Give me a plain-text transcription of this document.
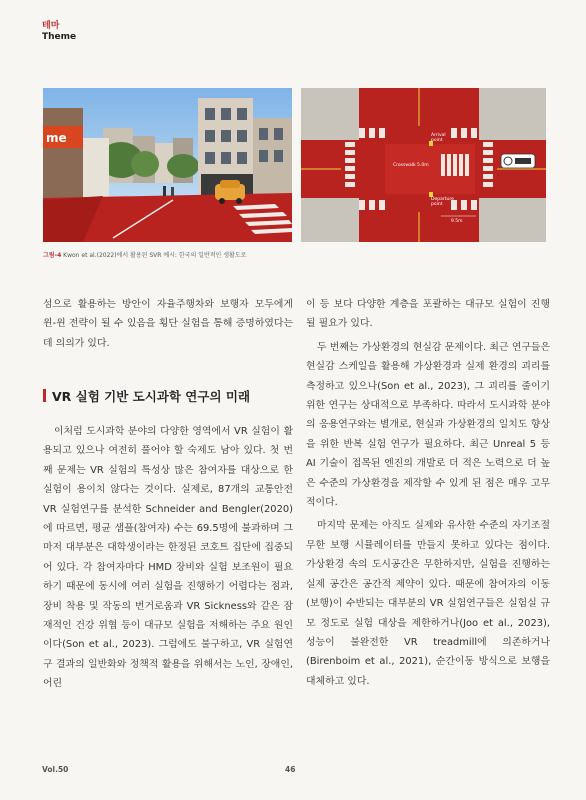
테마
Theme
me	Arrival point
Departure point
Crosswalk 5.0m
9.5m
그림-4 Kwon et al.(2022)에서 활용된 SVR 예시: 한국의 일반적인 생활도로

섬으로 활용하는 방안이 자율주행차와 보행자 모두에게 윈-윈 전략이 될 수 있음을 횡단 실험을 통해 증명하였다는 데 의의가 있다.

VR 실험 기반 도시과학 연구의 미래

이처럼 도시과학 분야의 다양한 영역에서 VR 실험이 활용되고 있으나 여전히 풀어야 할 숙제도 남아 있다. 첫 번째 문제는 VR 실험의 특성상 많은 참여자를 대상으로 한 실험이 용이치 않다는 것이다. 실제로, 87개의 교통안전 VR 실험연구를 분석한 Schneider and Bengler(2020)에 따르면, 평균 샘플(참여자) 수는 69.5명에 불과하며 그마저 대부분은 대학생이라는 한정된 코호트 집단에 집중되어 있다. 각 참여자마다 HMD 장비와 실험 보조원이 필요하기 때문에 동시에 여러 실험을 진행하기 어렵다는 점과, 장비 착용 및 작동의 번거로움과 VR Sickness와 같은 잠재적인 건강 위협 등이 대규모 실험을 저해하는 주요 원인이다(Son et al., 2023). 그럼에도 불구하고, VR 실험연구 결과의 일반화와 정책적 활용을 위해서는 노인, 장애인, 어린

이 등 보다 다양한 계층을 포괄하는 대규모 실험이 진행될 필요가 있다.

두 번째는 가상환경의 현실감 문제이다. 최근 연구들은 현실감 스케일을 활용해 가상환경과 실제 환경의 괴리를 측정하고 있으나(Son et al., 2023), 그 괴리를 줄이기 위한 연구는 상대적으로 부족하다. 따라서 도시과학 분야의 응용연구와는 별개로, 현실과 가상환경의 일치도 향상을 위한 반복 실험 연구가 필요하다. 최근 Unreal 5 등 AI 기술이 접목된 엔진의 개발로 더 적은 노력으로 더 높은 수준의 가상환경을 제작할 수 있게 된 점은 매우 고무적이다.

마지막 문제는 아직도 실제와 유사한 수준의 자기조절 무한 보행 시뮬레이터를 만들지 못하고 있다는 점이다. 가상환경 속의 도시공간은 무한하지만, 실험을 진행하는 실제 공간은 공간적 제약이 있다. 때문에 참여자의 이동(보행)이 수반되는 대부분의 VR 실험연구들은 실험실 규모 정도로 실험 대상을 제한하거나(Joo et al., 2023), 성능이 불완전한 VR treadmill에 의존하거나(Birenboim et al., 2021), 순간이동 방식으로 보행을 대체하고 있다.

Vol.50	46
